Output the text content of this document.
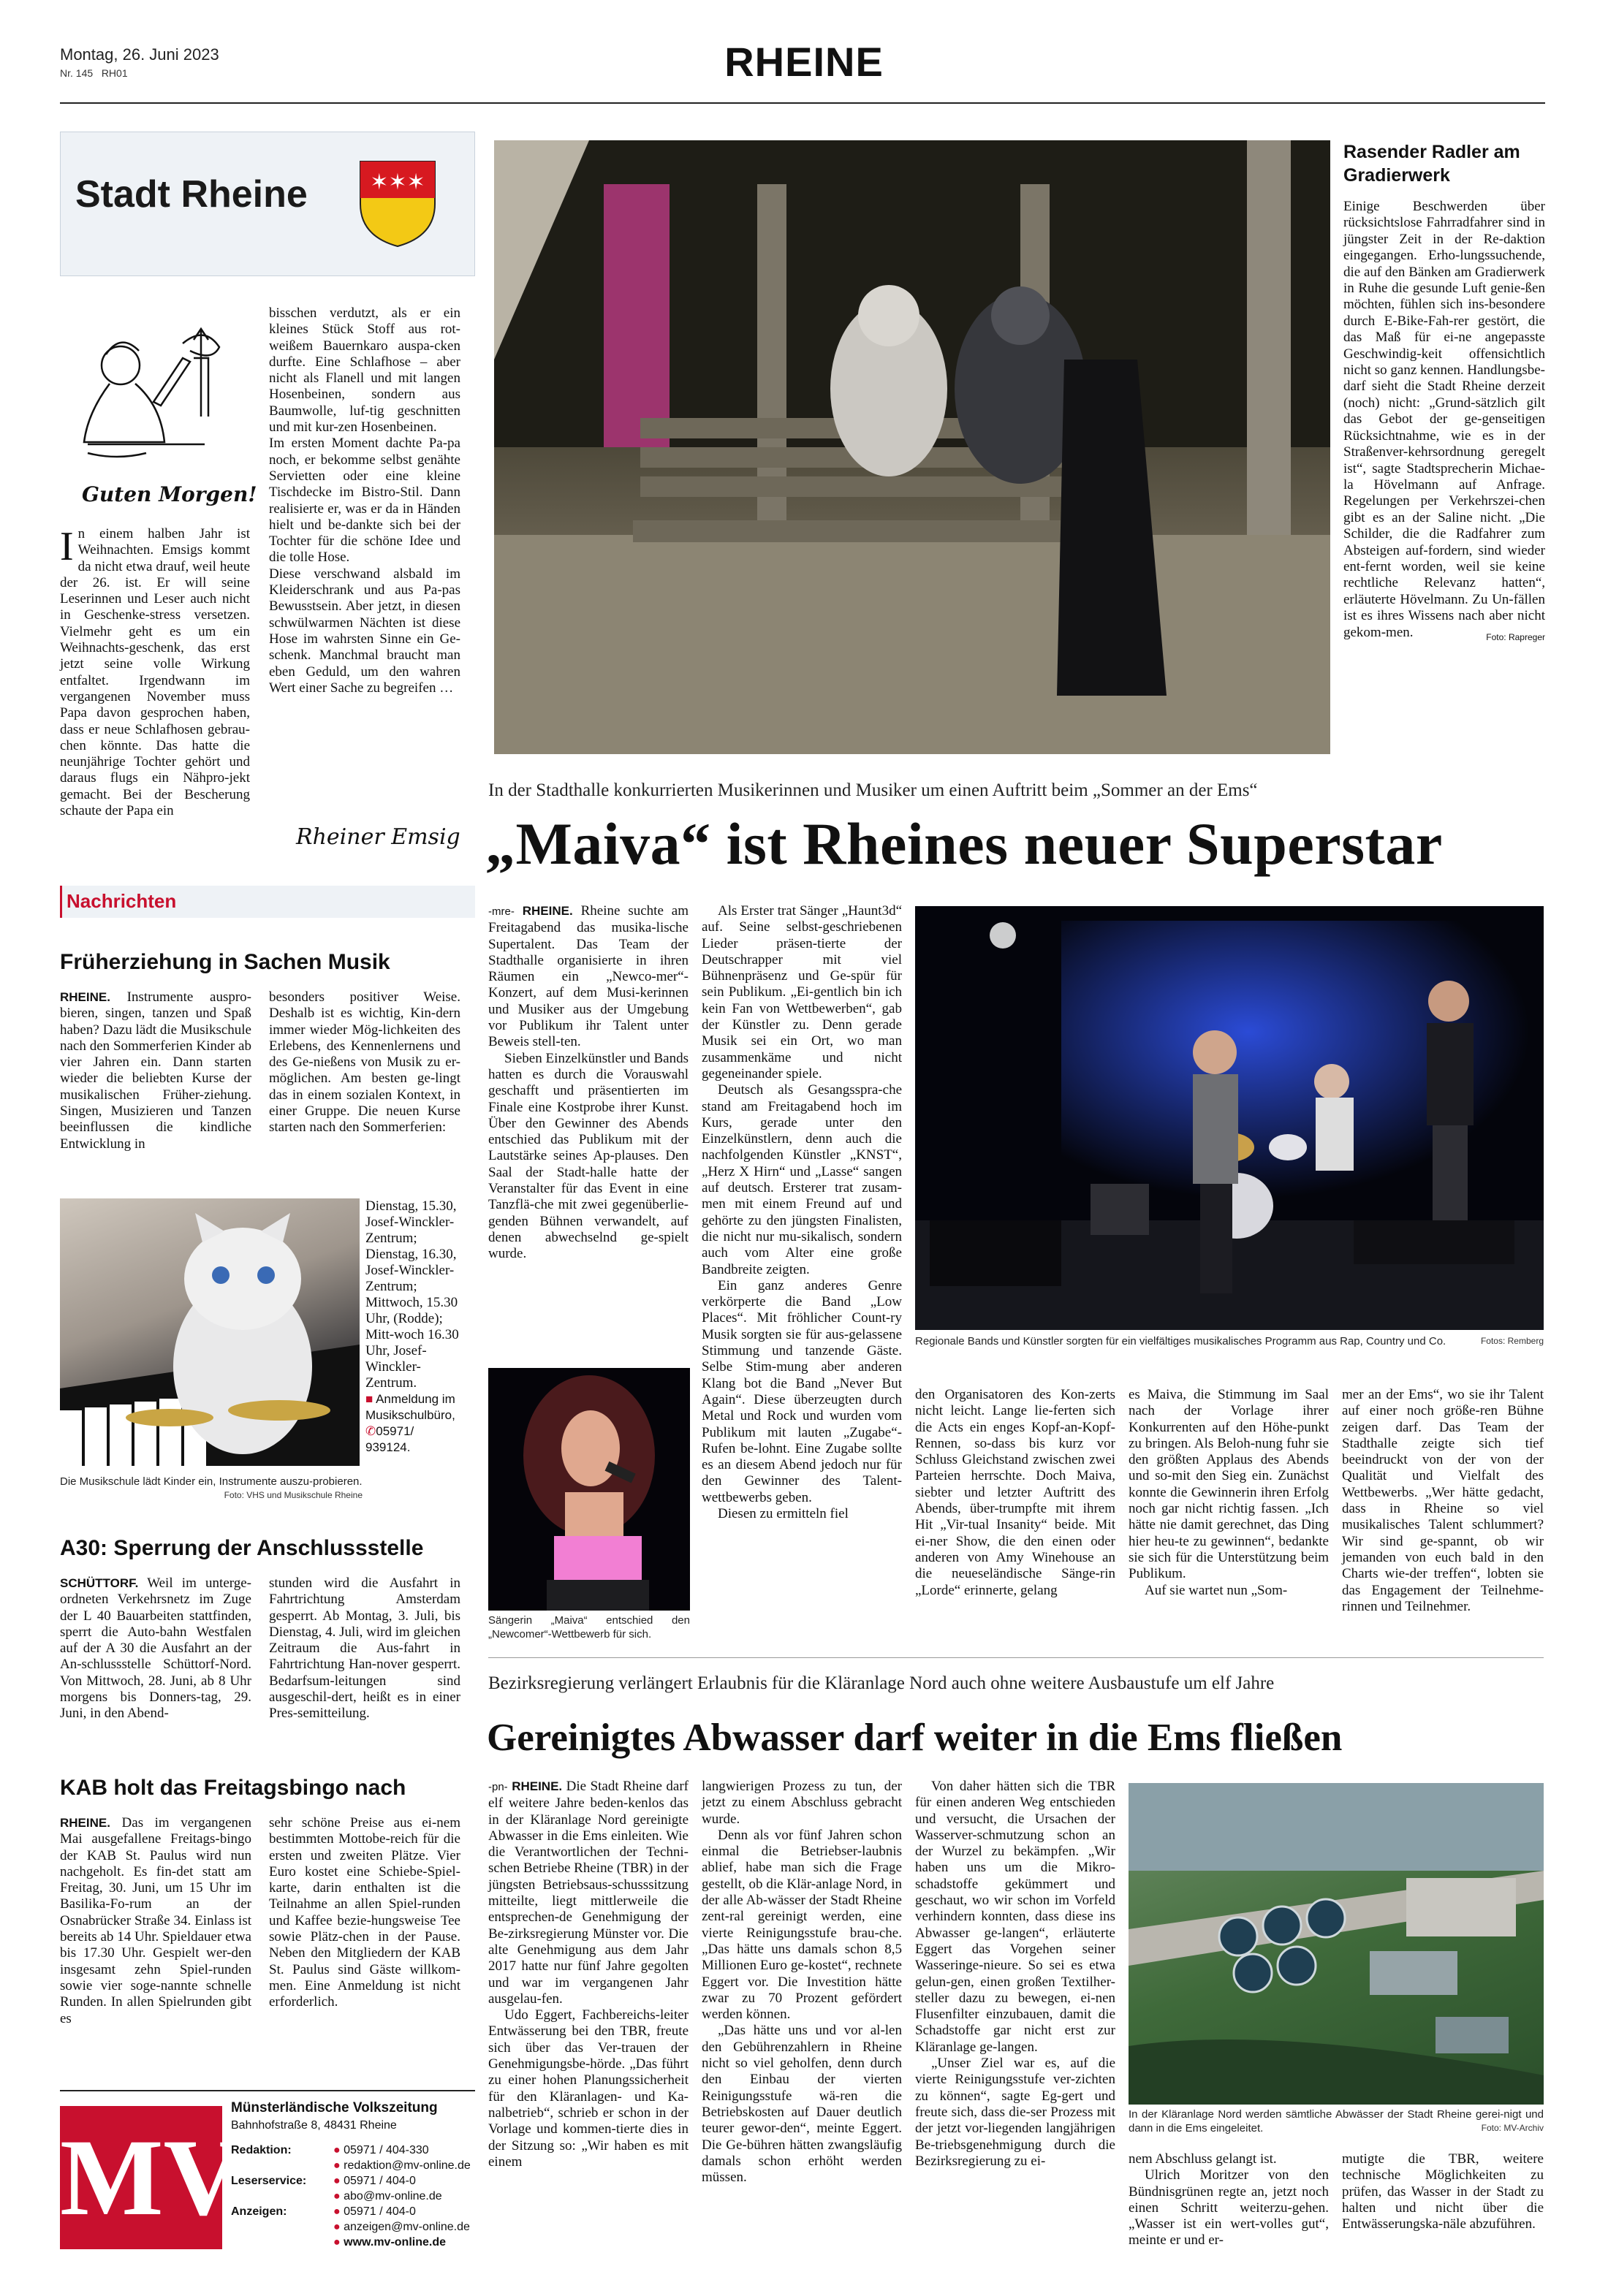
Montag, 26. Juni 2023
Nr. 145 RH01	RHEINE
Stadt Rheine	✶✶✶
Guten Morgen!
In einem halben Jahr ist Weihnachten. Emsigs kommt da nicht etwa drauf, weil heute der 26. ist. Er will seine Leserinnen und Leser auch nicht in Geschenke-stress versetzen. Vielmehr geht es um ein Weihnachts-geschenk, das erst jetzt seine volle Wirkung entfaltet. Irgendwann im vergangenen November muss Papa davon gesprochen haben, dass er neue Schlafhosen gebrau-chen könnte. Das hatte die neunjährige Tochter gehört und daraus flugs ein Nähpro-jekt gemacht. Bei der Bescherung schaute der Papa ein

bisschen verdutzt, als er ein kleines Stück Stoff aus rot-weißem Bauernkaro auspa-cken durfte. Eine Schlafhose – aber nicht als Flanell und mit langen Hosenbeinen, sondern aus Baumwolle, luf-tig geschnitten und mit kur-zen Hosenbeinen.

Im ersten Moment dachte Pa-pa noch, er bekomme selbst genähte Servietten oder eine kleine Tischdecke im Bistro-Stil. Dann realisierte er, was er da in Händen hielt und be-dankte sich bei der Tochter für die schöne Idee und die tolle Hose.

Diese verschwand alsbald im Kleiderschrank und aus Pa-pas Bewusstsein. Aber jetzt, in diesen schwülwarmen Nächten ist diese Hose im wahrsten Sinne ein Ge-schenk. Manchmal braucht man eben Geduld, um den wahren Wert einer Sache zu begreifen …

Rheiner Emsig
Nachrichten
Früherziehung in Sachen Musik
RHEINE. Instrumente auspro-bieren, singen, tanzen und Spaß haben? Dazu lädt die Musikschule nach den Sommerferien Kinder ab vier Jahren ein. Dann starten wieder die beliebten Kurse der musikalischen Früher-ziehung. Singen, Musizieren und Tanzen beeinflussen die kindliche Entwicklung in

besonders positiver Weise. Deshalb ist es wichtig, Kin-dern immer wieder Mög-lichkeiten des Erlebens, des Kennenlernens und des Ge-nießens von Musik zu er-möglichen. Am besten ge-lingt das in einem sozialen Kontext, in einer Gruppe. Die neuen Kurse starten nach den Sommerferien:

Dienstag, 15.30, Josef-Winckler-Zentrum; Dienstag, 16.30, Josef-Winckler-Zentrum; Mittwoch, 15.30 Uhr, (Rodde); Mitt-woch 16.30 Uhr, Josef-Winckler-Zentrum.

■ Anmeldung im Musikschulbüro, ✆05971/ 939124.

Die Musikschule lädt Kinder ein, Instrumente auszu-probieren.
Foto: VHS und Musikschule Rheine
A30: Sperrung der Anschlussstelle
SCHÜTTORF. Weil im unterge-ordneten Verkehrsnetz im Zuge der L 40 Bauarbeiten stattfinden, sperrt die Auto-bahn Westfalen auf der A 30 die Ausfahrt an der An-schlussstelle Schüttorf-Nord. Von Mittwoch, 28. Juni, ab 8 Uhr morgens bis Donners-tag, 29. Juni, in den Abend-

stunden wird die Ausfahrt in Fahrtrichtung Amsterdam gesperrt. Ab Montag, 3. Juli, bis Dienstag, 4. Juli, wird im gleichen Zeitraum die Aus-fahrt in Fahrtrichtung Han-nover gesperrt. Bedarfsum-leitungen sind ausgeschil-dert, heißt es in einer Pres-semitteilung.

KAB holt das Freitagsbingo nach
RHEINE. Das im vergangenen Mai ausgefallene Freitags-bingo der KAB St. Paulus wird nun nachgeholt. Es fin-det statt am Freitag, 30. Juni, um 15 Uhr im Basilika-Fo-rum an der Osnabrücker Straße 34. Einlass ist bereits ab 14 Uhr. Spieldauer etwa bis 17.30 Uhr. Gespielt wer-den insgesamt zehn Spiel-runden sowie vier soge-nannte schnelle Runden. In allen Spielrunden gibt es

sehr schöne Preise aus ei-nem bestimmten Mottobe-reich für die ersten und zweiten Plätze. Vier Euro kostet eine Schiebe-Spiel-karte, darin enthalten ist die Teilnahme an allen Spiel-runden und Kaffee bezie-hungsweise Tee sowie Plätz-chen in der Pause. Neben den Mitgliedern der KAB St. Paulus sind Gäste willkom-men. Eine Anmeldung ist nicht erforderlich.

MV
Münsterländische Volkszeitung
Bahnhofstraße 8, 48431 Rheine
Redaktion:	● 05971 / 404-330
● redaktion@mv-online.de
Leserservice:	● 05971 / 404-0
● abo@mv-online.de
Anzeigen:	● 05971 / 404-0
● anzeigen@mv-online.de
● www.mv-online.de
Rasender Radler am Gradierwerk
Einige Beschwerden über rücksichtslose Fahrradfahrer sind in jüngster Zeit in der Re-daktion eingegangen. Erho-lungssuchende, die auf den Bänken am Gradierwerk in Ruhe die gesunde Luft genie-ßen möchten, fühlen sich ins-besondere durch E-Bike-Fah-rer gestört, die das Maß für ei-ne angepasste Geschwindig-keit offensichtlich nicht so ganz kennen. Handlungsbe-darf sieht die Stadt Rheine derzeit (noch) nicht: „Grund-sätzlich gilt das Gebot der ge-genseitigen Rücksichtnahme, wie es in der Straßenver-kehrsordnung geregelt ist“, sagte Stadtsprecherin Michae-la Hövelmann auf Anfrage. Regelungen per Verkehrszei-chen gibt es an der Saline nicht. „Die Schilder, die die Radfahrer zum Absteigen auf-fordern, sind wieder ent-fernt worden, weil sie keine rechtliche Relevanz hatten“, erläuterte Hövelmann. Zu Un-fällen ist es ihres Wissens nach aber nicht gekom-men.	Foto: Rapreger
In der Stadthalle konkurrierten Musikerinnen und Musiker um einen Auftritt beim „Sommer an der Ems“
„Maiva“ ist Rheines neuer Superstar

-mre- RHEINE. Rheine suchte am Freitagabend das musika-lische Supertalent. Das Team der Stadthalle organisierte in ihren Räumen ein „Newco-mer“-Konzert, auf dem Musi-kerinnen und Musiker aus der Umgebung vor Publikum ihr Talent unter Beweis stell-ten.

Sieben Einzelkünstler und Bands hatten es durch die Vorauswahl geschafft und präsentierten im Finale eine Kostprobe ihrer Kunst. Über den Gewinner des Abends entschied das Publikum mit der Lautstärke seines Ap-plauses. Den Saal der Stadt-halle hatte der Veranstalter für das Event in eine Tanzflä-che mit zwei gegenüberlie-genden Bühnen verwandelt, auf denen abwechselnd ge-spielt wurde.

Als Erster trat Sänger „Haunt3d“ auf. Seine selbst-geschriebenen Lieder präsen-tierte der Deutschrapper mit viel Bühnenpräsenz und Ge-spür für sein Publikum. „Ei-gentlich bin ich kein Fan von Wettbewerben“, gab der Künstler zu. Denn gerade Musik sei ein Ort, wo man zusammenkäme und nicht gegeneinander spiele.

Deutsch als Gesangsspra-che stand am Freitagabend hoch im Kurs, gerade unter den Einzelkünstlern, denn auch die nachfolgenden Künstler „KNST“, „Herz X Hirn“ und „Lasse“ sangen auf deutsch. Ersterer trat zusam-men mit einem Freund auf und gehörte zu den jüngsten Finalisten, die nicht nur mu-sikalisch, sondern auch vom Alter eine große Bandbreite zeigten.

Ein ganz anderes Genre verkörperte die Band „Low Places“. Mit fröhlicher Count-ry Musik sorgten sie für aus-gelassene Stimmung und tanzende Gäste. Selbe Stim-mung aber anderen Klang bot die Band „Never But Again“. Diese überzeugten durch Metal und Rock und wurden vom Publikum mit lauten „Zugabe“-Rufen be-lohnt. Eine Zugabe sollte es an diesem Abend jedoch nur für den Gewinner des Talent-wettbewerbs geben.

Diesen zu ermitteln fiel

Regionale Bands und Künstler sorgten für ein vielfältiges musikalisches Programm aus Rap, Country und Co.	Fotos: Remberg
Sängerin „Maiva“ entschied den „Newcomer“-Wettbewerb für sich.

den Organisatoren des Kon-zerts nicht leicht. Lange lie-ferten sich die Acts ein enges Kopf-an-Kopf-Rennen, so-dass bis kurz vor Schluss Gleichstand zwischen zwei Parteien herrschte. Doch Maiva, siebter und letzter Auftritt des Abends, über-trumpfte mit ihrem Hit „Vir-tual Insanity“ beide. Mit ei-ner Show, die den einen oder anderen von Amy Winehouse an die neueseländische Sänge-rin „Lorde“ erinnerte, gelang

es Maiva, die Stimmung im Saal nach der Vorlage ihrer Konkurrenten auf den Höhe-punkt zu bringen. Als Beloh-nung fuhr sie den größten Applaus des Abends und so-mit den Sieg ein. Zunächst konnte die Gewinnerin ihren Erfolg noch gar nicht richtig fassen. „Ich hätte nie damit gerechnet, das Ding hier heu-te zu gewinnen“, bedankte sie sich für die Unterstützung beim Publikum.

Auf sie wartet nun „Som-

mer an der Ems“, wo sie ihr Talent auf einer noch größe-ren Bühne zeigen darf. Das Team der Stadthalle zeigte sich tief beeindruckt von der von der Qualität und Vielfalt des Wettbewerbs. „Wer hätte gedacht, dass in Rheine so viel musikalisches Talent schlummert? Wir sind ge-spannt, ob wir jemanden von euch bald in den Charts wie-der treffen“, lobten sie das Engagement der Teilnehme-rinnen und Teilnehmer.

Bezirksregierung verlängert Erlaubnis für die Kläranlage Nord auch ohne weitere Ausbaustufe um elf Jahre
Gereinigtes Abwasser darf weiter in die Ems fließen

-pn- RHEINE. Die Stadt Rheine darf elf weitere Jahre beden-kenlos das in der Kläranlage Nord gereinigte Abwasser in die Ems einleiten. Wie die Verantwortlichen der Techni-schen Betriebe Rheine (TBR) in der jüngsten Betriebsaus-schusssitzung mitteilte, liegt mittlerweile die entsprechen-de Genehmigung der Be-zirksregierung Münster vor. Die alte Genehmigung aus dem Jahr 2017 hatte nur fünf Jahre gegolten und war im vergangenen Jahr ausgelau-fen.

Udo Eggert, Fachbereichs-leiter Entwässerung bei den TBR, freute sich über das Ver-trauen der Genehmigungsbe-hörde. „Das führt zu einer hohen Planungssicherheit für den Kläranlagen- und Ka-nalbetrieb“, schrieb er schon in der Vorlage und kommen-tierte dies in der Sitzung so: „Wir haben es mit einem

langwierigen Prozess zu tun, der jetzt zu einem Abschluss gebracht wurde.

Denn als vor fünf Jahren schon einmal die Betriebser-laubnis ablief, habe man sich die Frage gestellt, ob die Klär-anlage Nord, in der alle Ab-wässer der Stadt Rheine zent-ral gereinigt werden, eine vierte Reinigungsstufe brau-che. „Das hätte uns damals schon 8,5 Millionen Euro ge-kostet“, rechnete Eggert vor. Die Investition hätte zwar zu 70 Prozent gefördert werden können.

„Das hätte uns und vor al-len den Gebührenzahlern in Rheine nicht so viel geholfen, denn durch den Einbau der vierten Reinigungsstufe wä-ren die Betriebskosten auf Dauer deutlich teurer gewor-den“, meinte Eggert. Die Ge-bühren hätten zwangsläufig damals schon erhöht werden müssen.

Von daher hätten sich die TBR für einen anderen Weg entschieden und versucht, die Ursachen der Wasserver-schmutzung schon an der Wurzel zu bekämpfen. „Wir haben uns um die Mikro-schadstoffe gekümmert und geschaut, wo wir schon im Vorfeld verhindern konnten, dass diese ins Abwasser ge-langen“, erläuterte Eggert das Vorgehen seiner Wasseringe-nieure. So sei es etwa gelun-gen, einen großen Textilher-steller dazu zu bewegen, ei-nen Flusenfilter einzubauen, damit die Schadstoffe gar nicht erst zur Kläranlage ge-langen.

„Unser Ziel war es, auf die vierte Reinigungsstufe ver-zichten zu können“, sagte Eg-gert und freute sich, dass die-ser Prozess mit der jetzt vor-liegenden langjährigen Be-triebsgenehmigung durch die Bezirksregierung zu ei-

In der Kläranlage Nord werden sämtliche Abwässer der Stadt Rheine gerei-nigt und dann in die Ems eingeleitet.	Foto: MV-Archiv

nem Abschluss gelangt ist.

Ulrich Moritzer von den Bündnisgrünen regte an, jetzt noch einen Schritt weiterzu-gehen. „Wasser ist ein wert-volles gut“, meinte er und er-

mutigte die TBR, weitere technische Möglichkeiten zu prüfen, das Wasser in der Stadt zu halten und nicht über die Entwässerungska-näle abzuführen.
